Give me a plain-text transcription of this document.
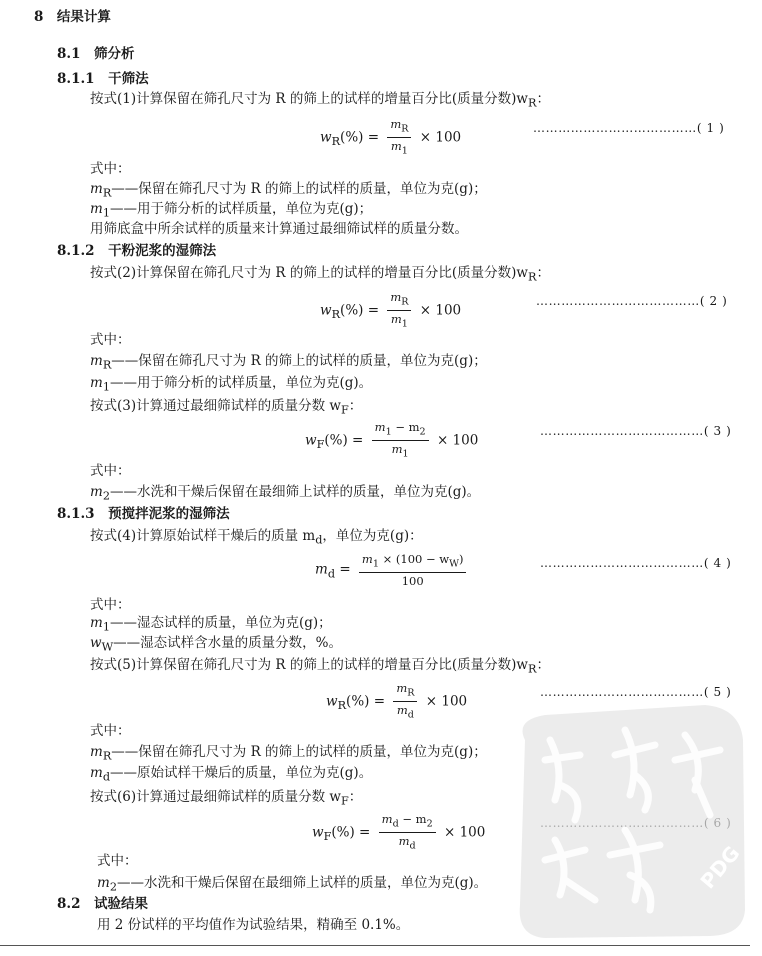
8　结果计算
8.1　筛分析
8.1.1　干筛法
按式(1)计算保留在筛孔尺寸为 R 的筛上的试样的增量百分比(质量分数)$w_R$：
$w_R(\%) = \frac{m_R}{m_1} \times 100$
…………………………………( 1 )
式中：
$m_R——$保留在筛孔尺寸为 R 的筛上的试样的质量，单位为克(g)；
$m_1——$用于筛分析的试样质量，单位为克(g)；
用筛底盒中所余试样的质量来计算通过最细筛试样的质量分数。
8.1.2　干粉泥浆的湿筛法
按式(2)计算保留在筛孔尺寸为 R 的筛上的试样的增量百分比(质量分数)$w_R$：
$w_R(\%) = \frac{m_R}{m_1} \times 100$
…………………………………( 2 )
式中：
$m_R——$保留在筛孔尺寸为 R 的筛上的试样的质量，单位为克(g)；
$m_1——$用于筛分析的试样质量，单位为克(g)。
按式(3)计算通过最细筛试样的质量分数 $w_F$：
$w_F(\%) = \frac{m_1 - m_2}{m_1} \times 100$
…………………………………( 3 )
式中：
$m_2——$水洗和干燥后保留在最细筛上试样的质量，单位为克(g)。
8.1.3　预搅拌泥浆的湿筛法
按式(4)计算原始试样干燥后的质量 $m_d$，单位为克(g)：
$m_d = \frac{m_1 \times (100 - w_W)}{100}$	…………………………………( 4 )
式中：
$m_1——$湿态试样的质量，单位为克(g)；
$w_W——$湿态试样含水量的质量分数，%。
按式(5)计算保留在筛孔尺寸为 R 的筛上的试样的增量百分比(质量分数)$w_R$：
$w_R(\%) = \frac{m_R}{m_d} \times 100$
…………………………………( 5 )
式中：
$m_R——$保留在筛孔尺寸为 R 的筛上的试样的质量，单位为克(g)；
$m_d——$原始试样干燥后的质量，单位为克(g)。
按式(6)计算通过最细筛试样的质量分数 $w_F$：
$w_F(\%) = \frac{m_d - m_2}{m_d} \times 100$
式中：
$m_2——$水洗和干燥后保留在最细筛上试样的质量，单位为克(g)。
8.2　试验结果
用 2 份试样的平均值作为试验结果，精确至 0.1%。
PDG
